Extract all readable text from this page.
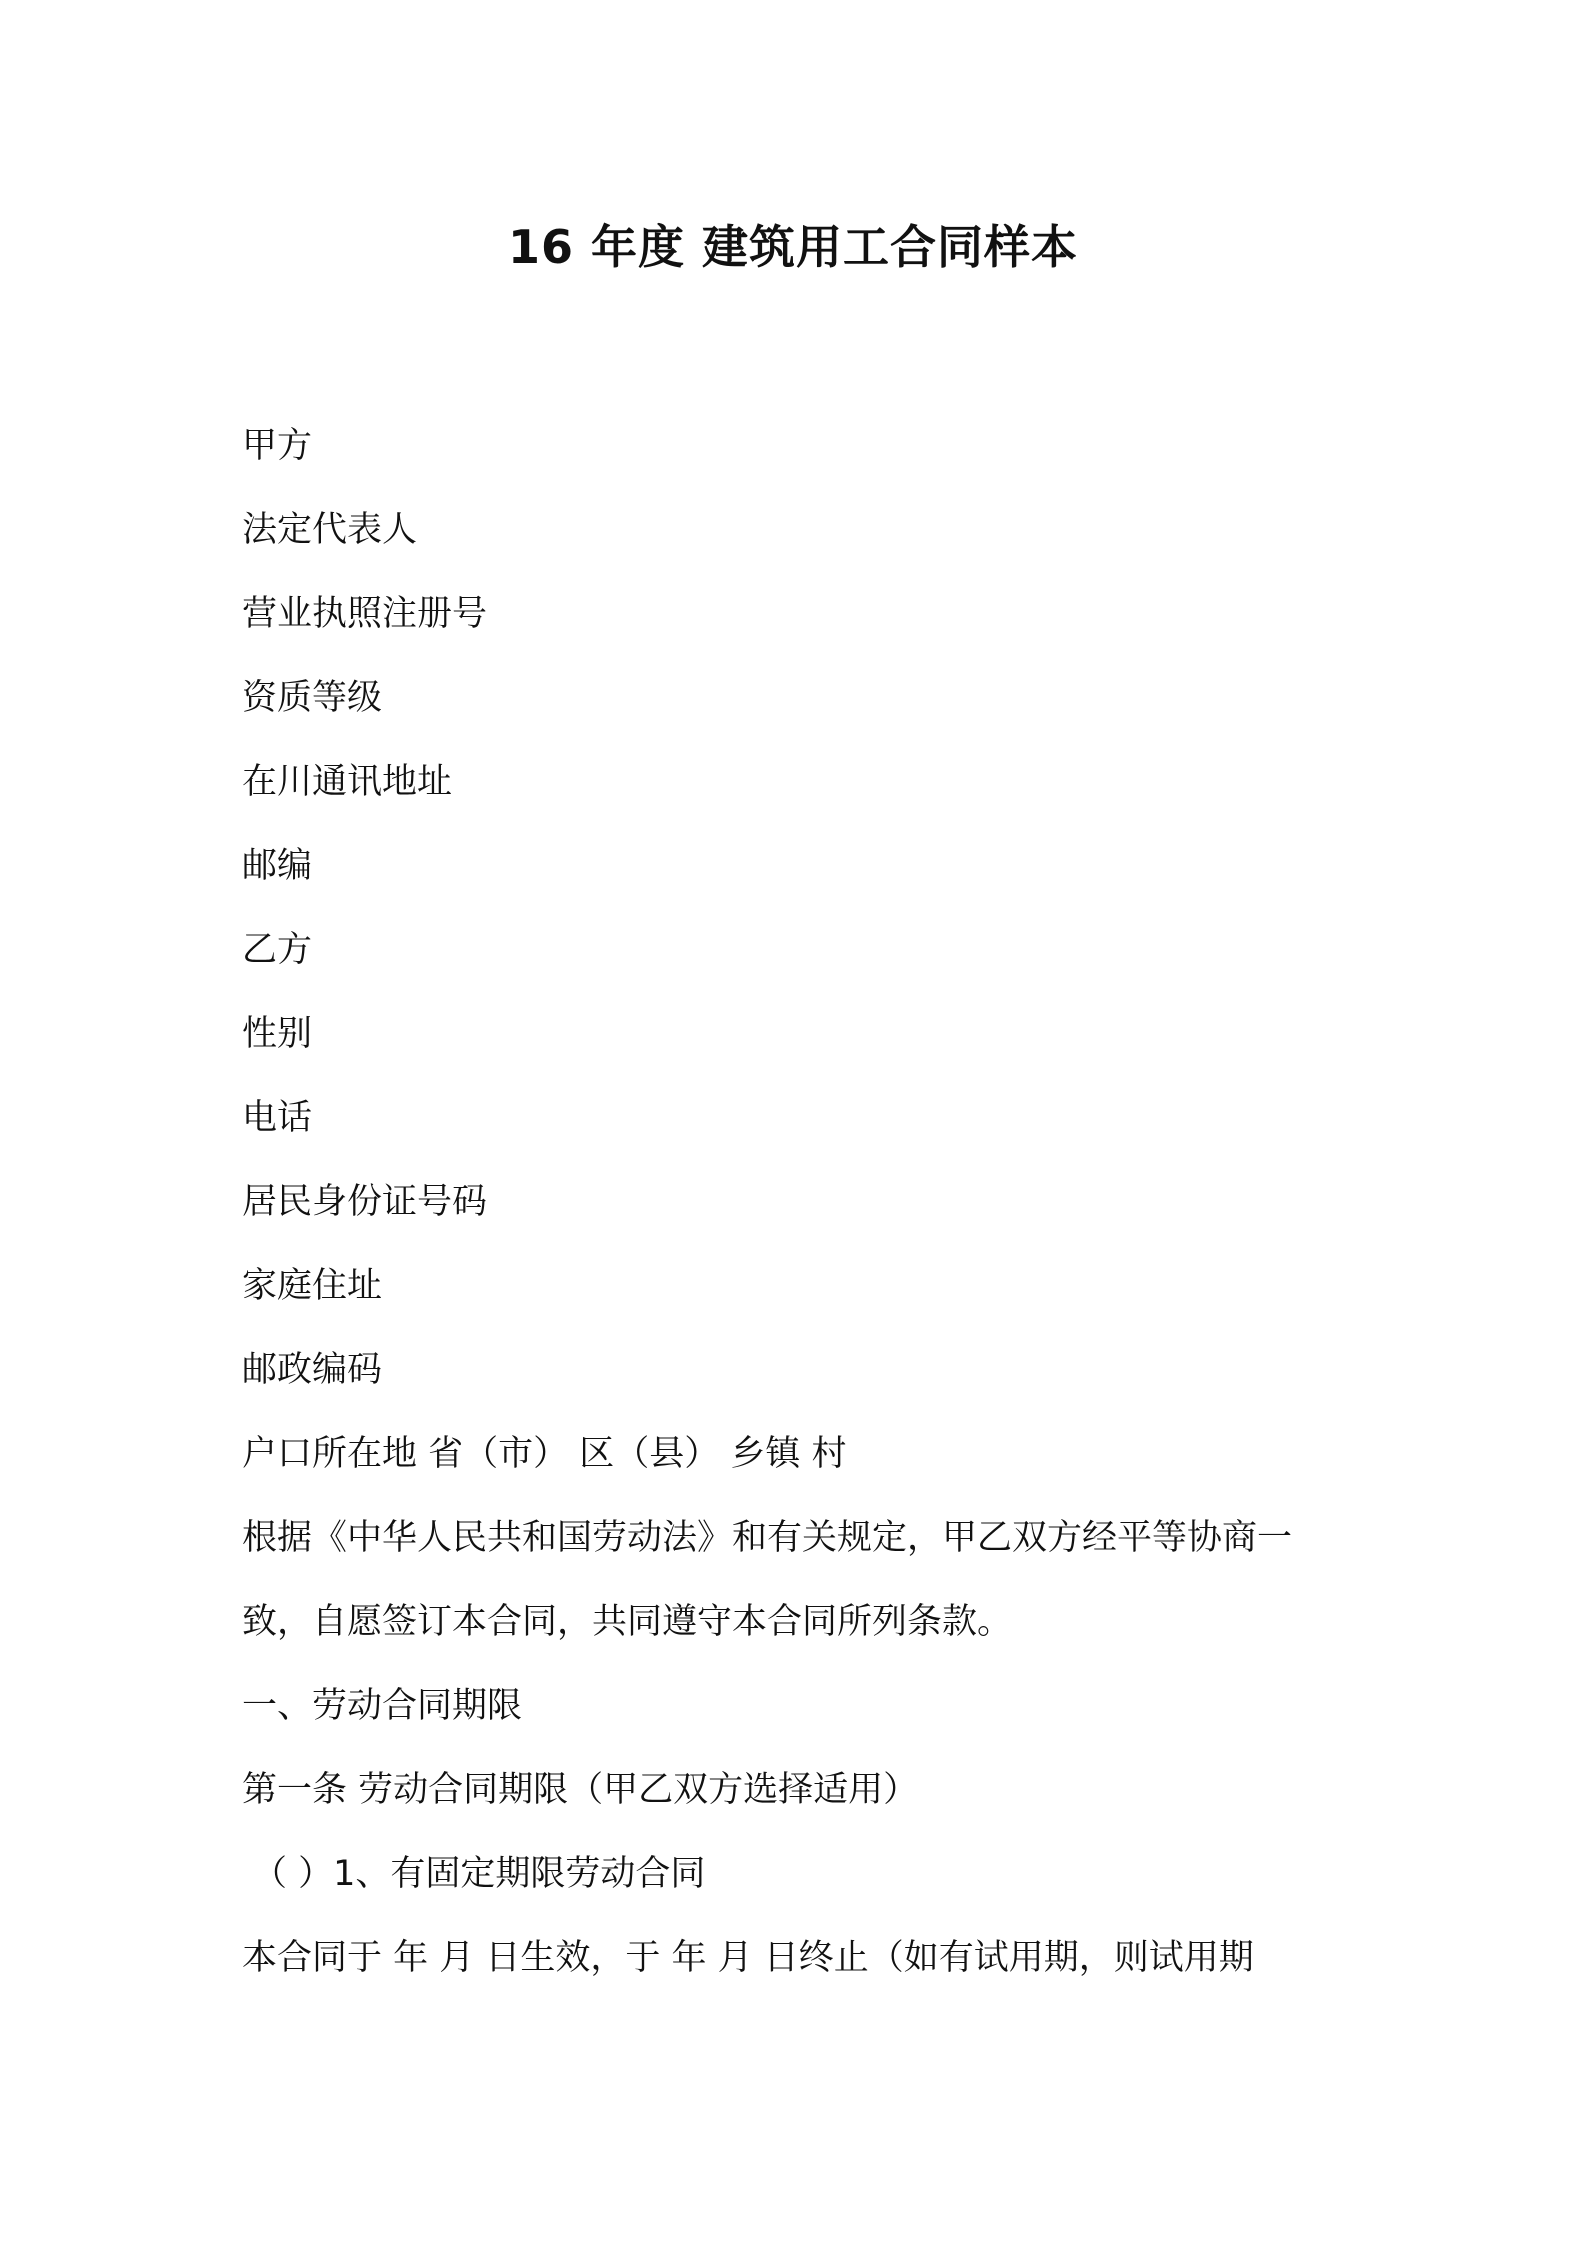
16 年度 建筑用工合同样本

甲方

法定代表人

营业执照注册号

资质等级

在川通讯地址

邮编

乙方

性别

电话

居民身份证号码

家庭住址

邮政编码

户口所在地 省（市） 区（县） 乡镇 村

根据《中华人民共和国劳动法》和有关规定，甲乙双方经平等协商一

致，自愿签订本合同，共同遵守本合同所列条款。

一、劳动合同期限

第一条 劳动合同期限（甲乙双方选择适用）

（ ）1、有固定期限劳动合同

本合同于 年 月 日生效，于 年 月 日终止（如有试用期，则试用期
